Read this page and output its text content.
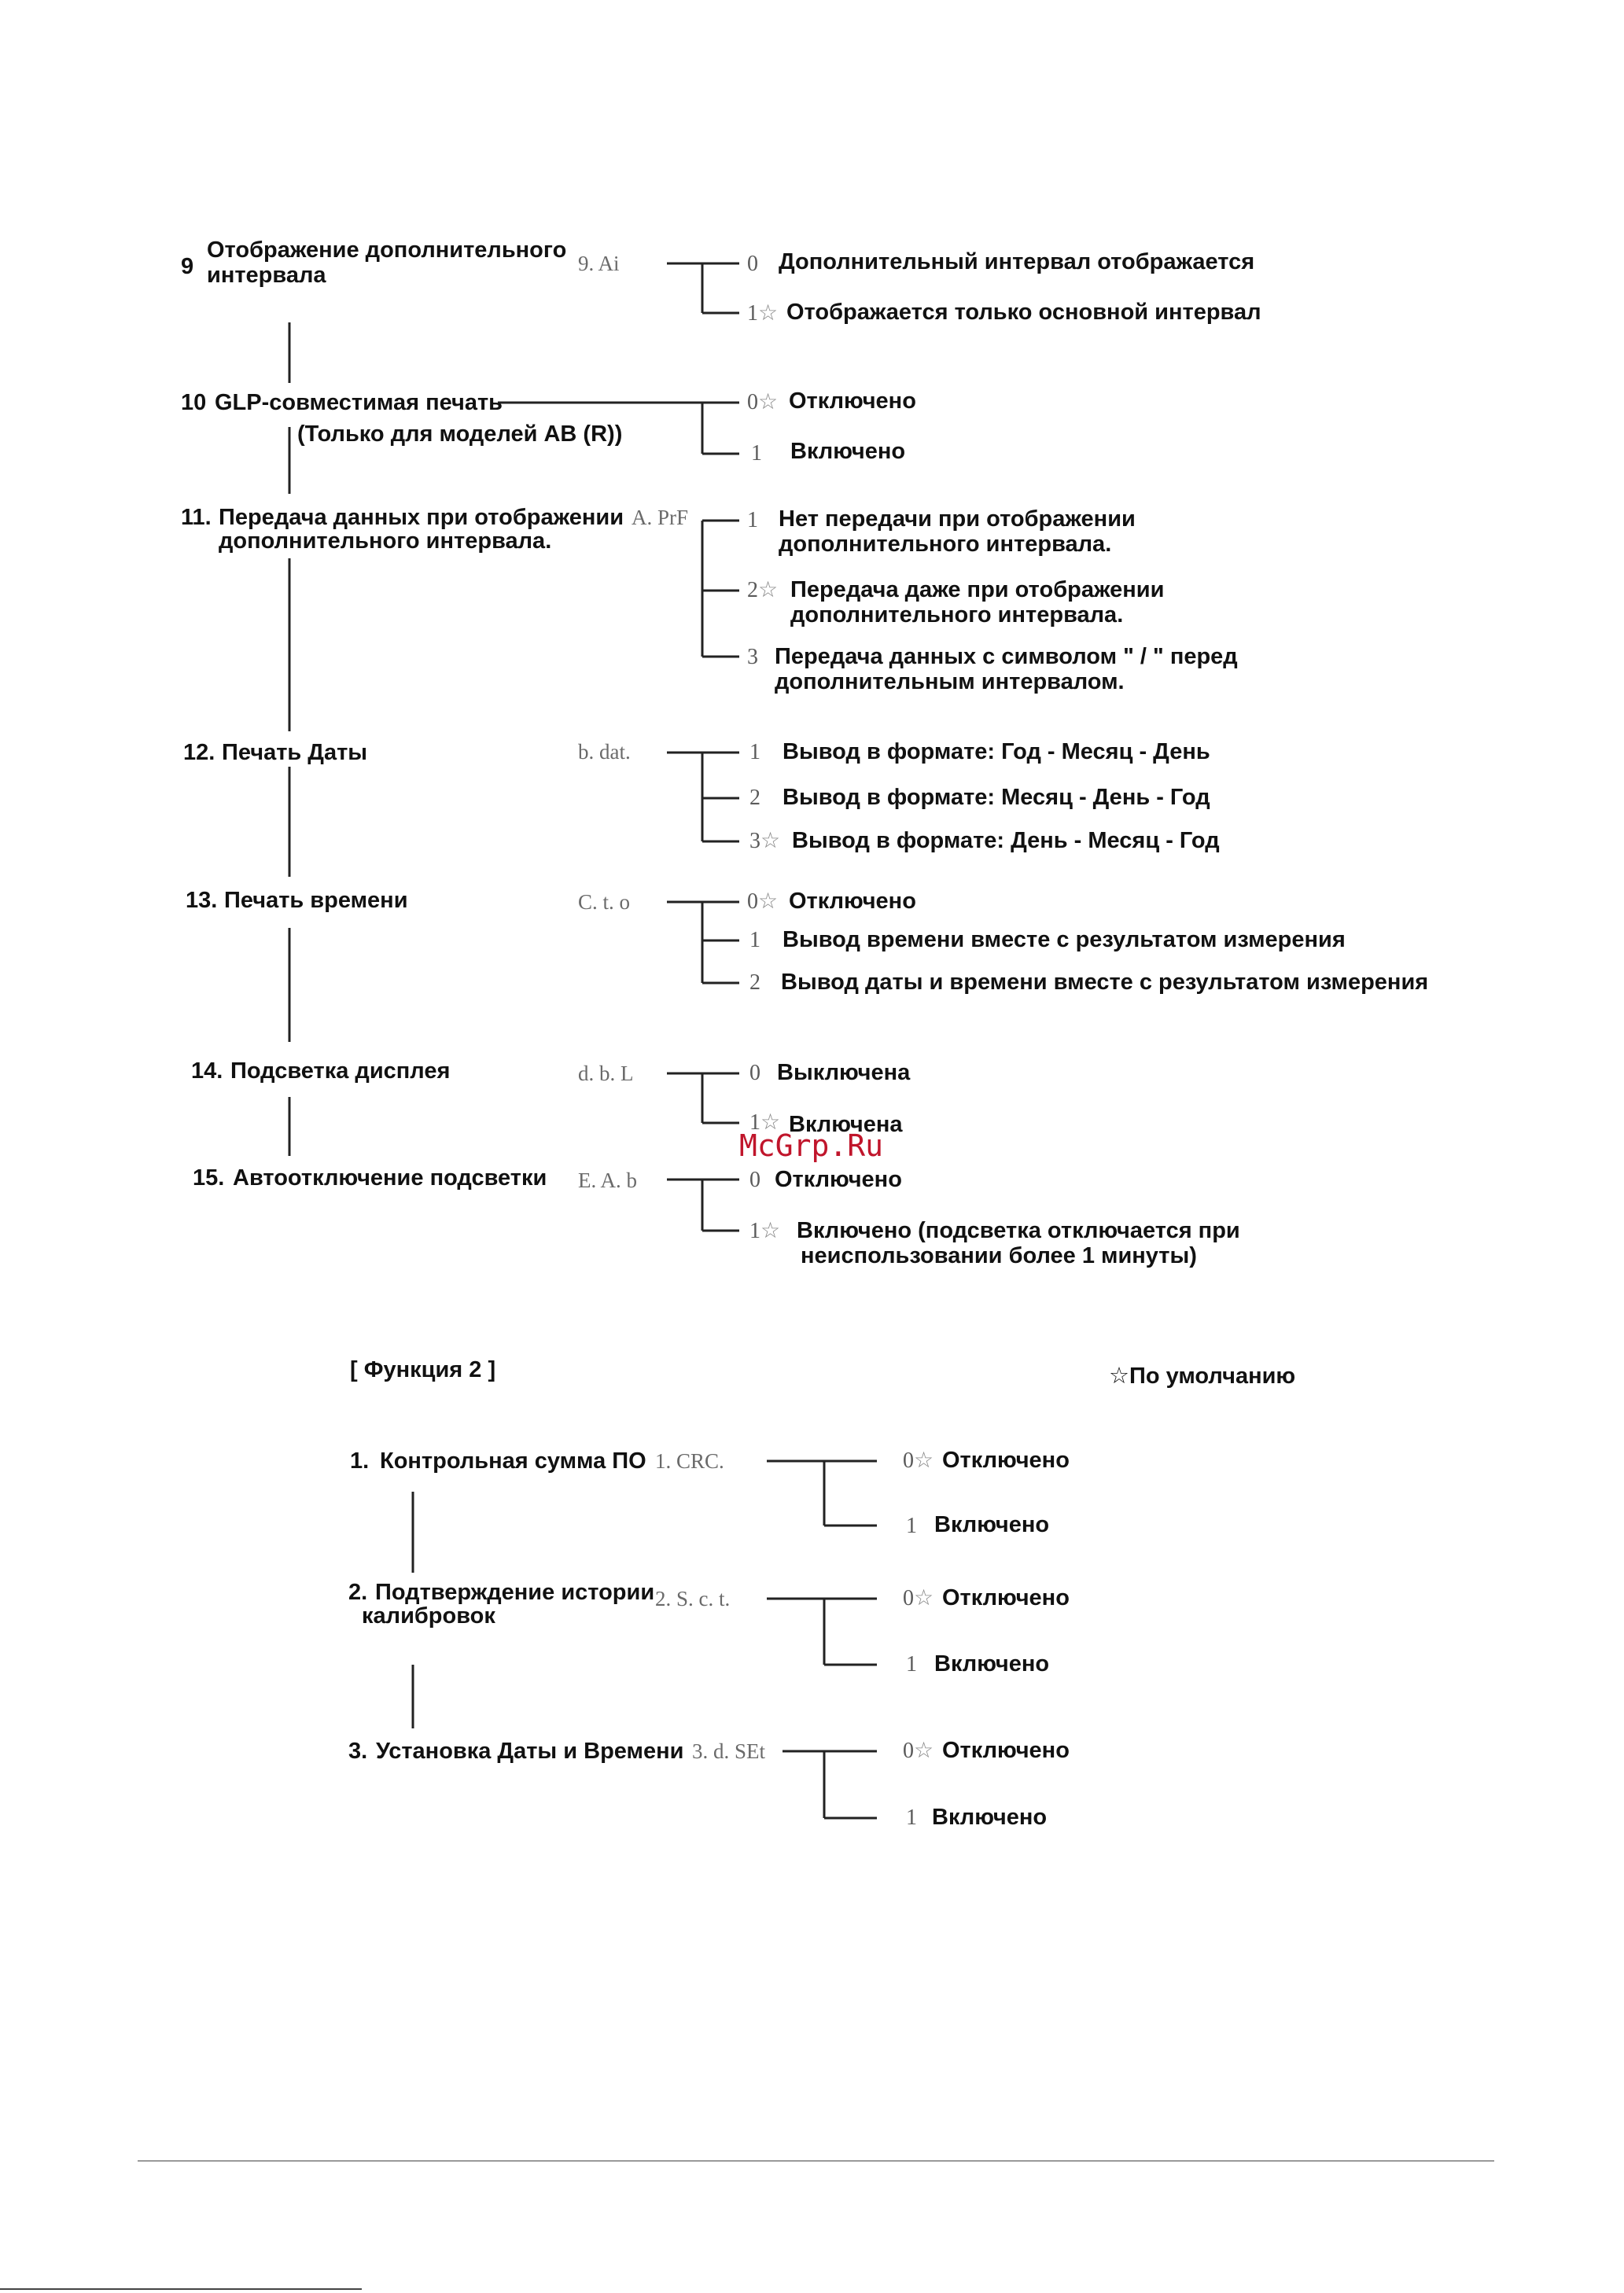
9
Отображение дополнительного
интервала	9. Ai	0 Дополнительный интервал отображается
1☆ Отображается только основной интервал
10 GLP-совместимая печать
(Только для моделей AB (R))
0☆ Отключено
1 Включено
11. Передача данных при отображении
дополнительного интервала.
A. PrF	1 Нет передачи при отображении
дополнительного интервала.
2☆ Передача даже при отображении
дополнительного интервала.
3 Передача данных с символом " / " перед
дополнительным интервалом.
12. Печать Даты	b. dat.	1 Вывод в формате: Год - Месяц - День
2 Вывод в формате: Месяц - День - Год
3☆ Вывод в формате: День - Месяц - Год
13. Печать времени	C. t. o	0☆ Отключено
1 Вывод времени вместе с результатом измерения
2 Вывод даты и времени вместе с результатом измерения
14. Подсветка дисплея	d. b. L	0 Выключена
1☆ Включена
15. Автоотключение подсветки E. A. b	0 Отключено
1☆ Включено (подсветка отключается при
неиспользовании более 1 минуты)
McGrp.Ru
[ Функция 2 ]	☆По умолчанию
1. Контрольная сумма ПО 1. CRC.	0☆ Отключено
1 Включено
2. Подтверждение истории
калибровок
2. S. c. t.	0☆ Отключено
1 Включено
3. Установка Даты и Времени 3. d. SEt	0☆ Отключено
1 Включено
